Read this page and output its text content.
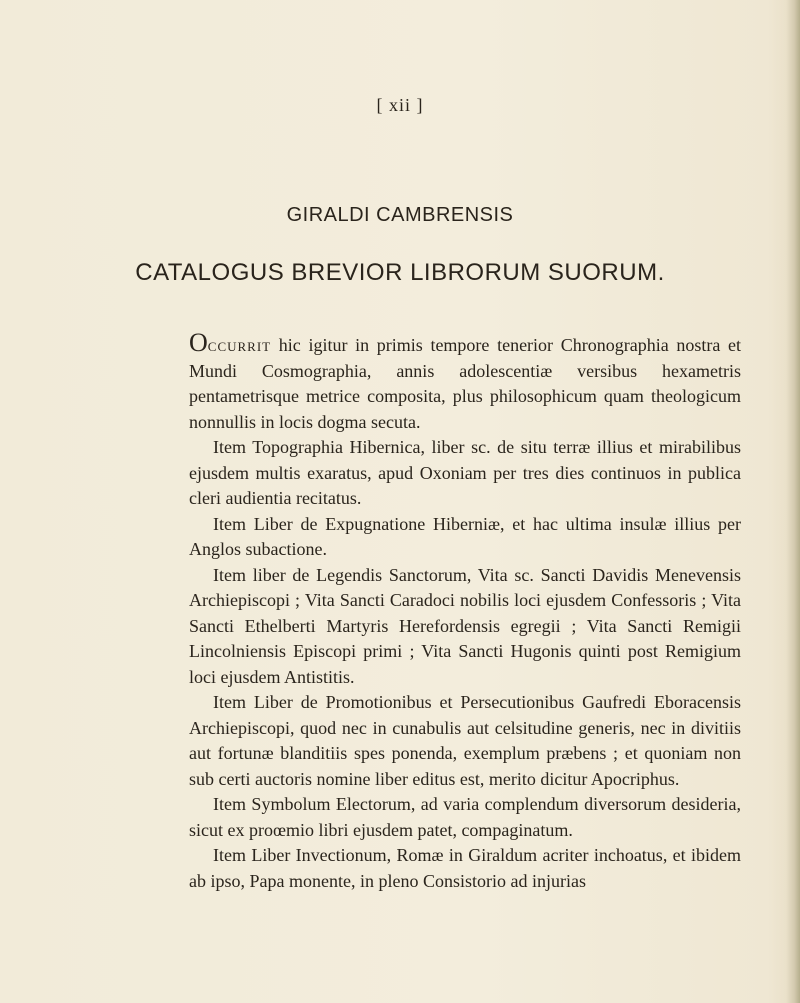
[ xii ]
GIRALDI CAMBRENSIS
CATALOGUS BREVIOR LIBRORUM SUORUM.

Occurrit hic igitur in primis tempore tenerior Chronographia nostra et Mundi Cosmographia, annis adolescentiæ versibus hexametris pentametrisque metrice composita, plus philosophicum quam theologicum nonnullis in locis dogma secuta.

Item Topographia Hibernica, liber sc. de situ terræ illius et mirabilibus ejusdem multis exaratus, apud Oxoniam per tres dies continuos in publica cleri audientia recitatus.

Item Liber de Expugnatione Hiberniæ, et hac ultima insulæ illius per Anglos subactione.

Item liber de Legendis Sanctorum, Vita sc. Sancti Davidis Menevensis Archiepiscopi ; Vita Sancti Caradoci nobilis loci ejusdem Confessoris ; Vita Sancti Ethelberti Martyris Herefordensis egregii ; Vita Sancti Remigii Lincolniensis Episcopi primi ; Vita Sancti Hugonis quinti post Remigium loci ejusdem Antistitis.

Item Liber de Promotionibus et Persecutionibus Gaufredi Eboracensis Archiepiscopi, quod nec in cunabulis aut celsitudine generis, nec in divitiis aut fortunæ blanditiis spes ponenda, exemplum præbens ; et quoniam non sub certi auctoris nomine liber editus est, merito dicitur Apocriphus.

Item Symbolum Electorum, ad varia complendum diversorum desideria, sicut ex proœmio libri ejusdem patet, compaginatum.

Item Liber Invectionum, Romæ in Giraldum acriter inchoatus, et ibidem ab ipso, Papa monente, in pleno Consistorio ad injurias
